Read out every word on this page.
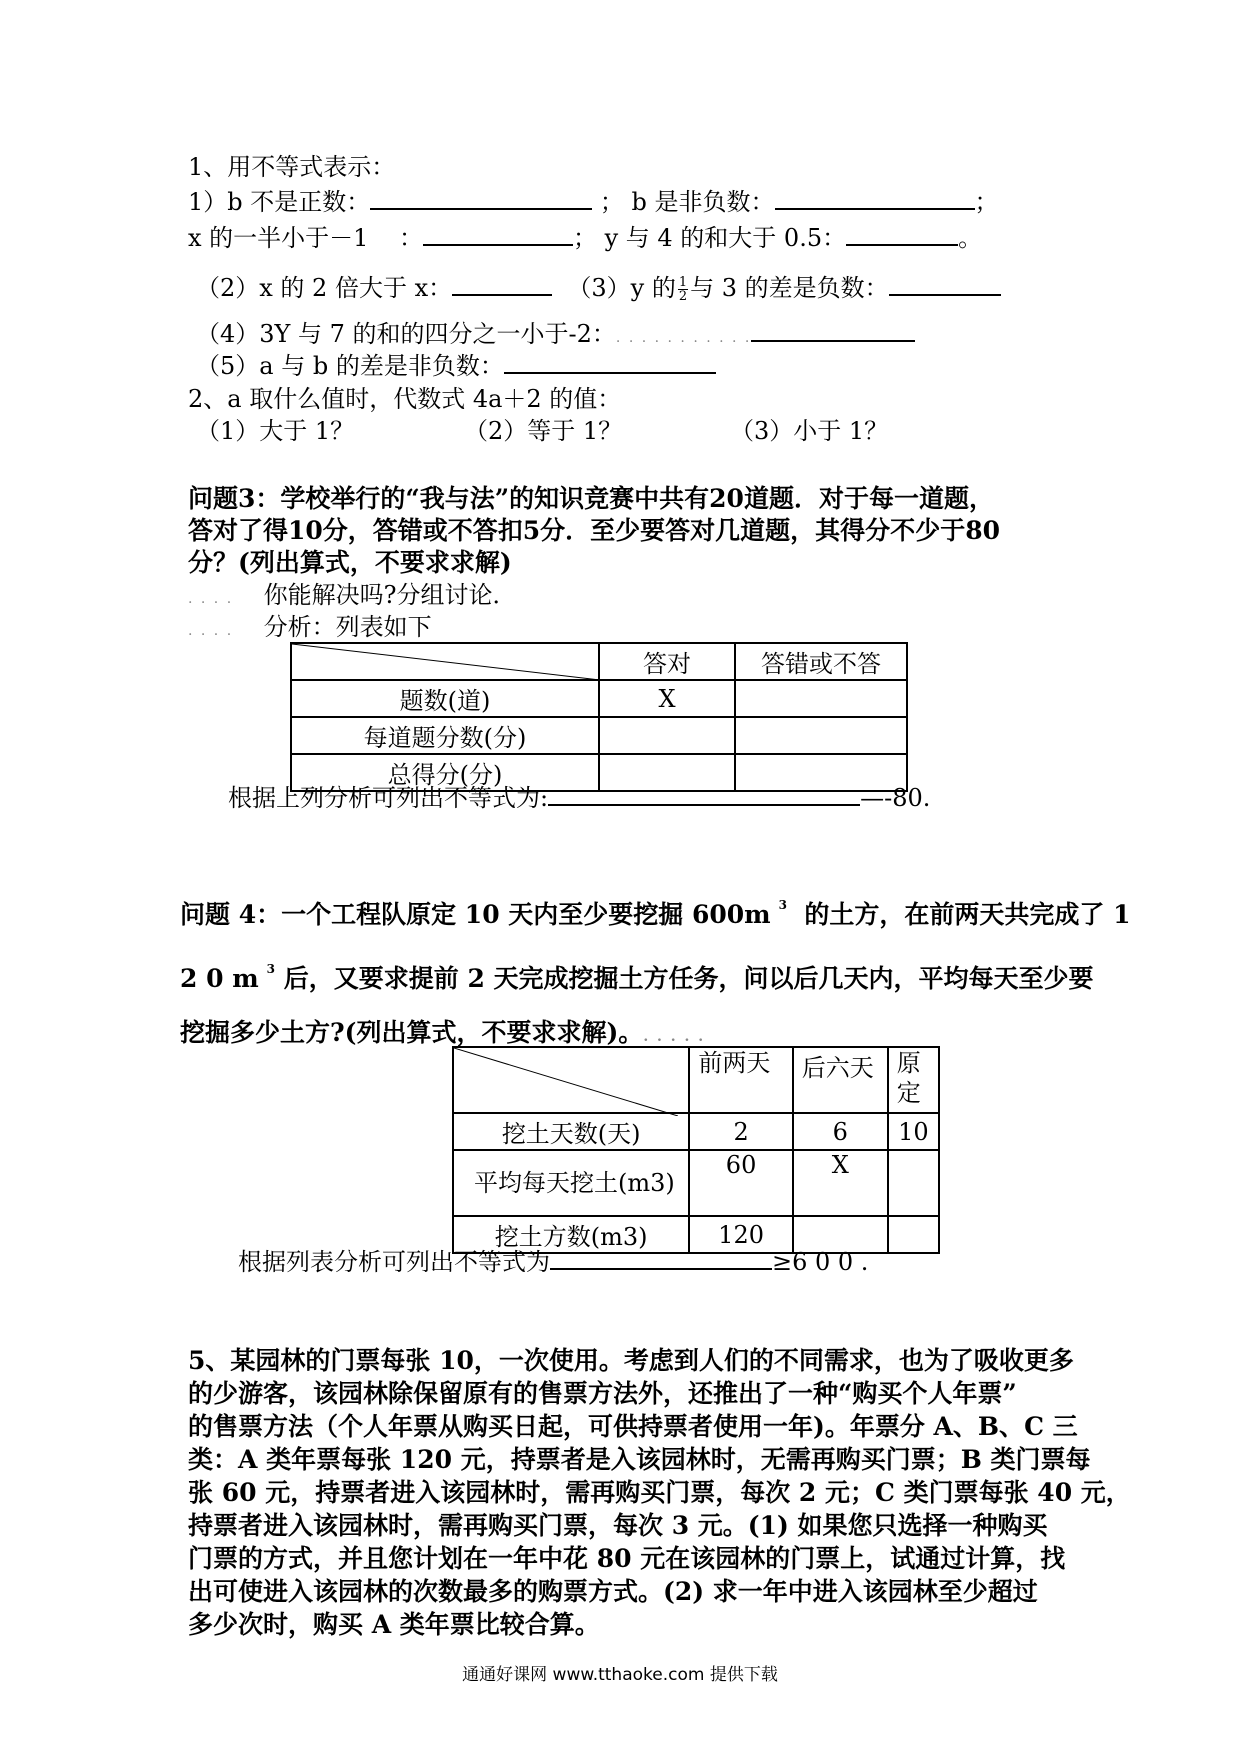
1、用不等式表示：
1）b 不是正数：	； b 是非负数：	；
x 的一半小于－1 ：	； y 与 4 的和大于 0.5：	。
（2）x 的 2 倍大于 x：	（3）y 的 $\frac{1}{2}$ 与 3 的差是负数：
（4）3Y 与 7 的和的四分之一小于-2：. . . . . . . . . . .
（5）a 与 b 的差是非负数：
2、a 取什么值时，代数式 4a＋2 的值：
（1）大于 1？	（2）等于 1？	（3）小于 1？
问题3：学校举行的“我与法”的知识竞赛中共有20道题．对于每一道题，
答对了得10分，答错或不答扣5分．至少要答对几道题，其得分不少于80
分？(列出算式，不要求求解)
. . . . 你能解决吗?分组讨论．
. . . . 分析：列表如下
	答对	答错或不答
题数(道)	X	
每道题分数(分)		
总得分(分)		
根据上列分析可列出不等式为:	—-80.
问题 4：一个工程队原定 10 天内至少要挖掘 600m $^3$ 的土方，在前两天共完成了 1
2 0 m $^3$ 后，又要求提前 2 天完成挖掘土方任务，问以后几天内，平均每天至少要
挖掘多少土方?(列出算式，不要求求解)。. . . . .
	前两天	后六天	原定
挖土天数(天)	2	6	10
平均每天挖土(m3)	60	X	
挖土方数(m3)	120		
根据列表分析可列出不等式为	≥6 0 0 .
5、某园林的门票每张 10，一次使用。考虑到人们的不同需求，也为了吸收更多
的少游客，该园林除保留原有的售票方法外，还推出了一种“购买个人年票”
的售票方法（个人年票从购买日起，可供持票者使用一年)。年票分 A、B、C 三
类：A 类年票每张 120 元，持票者是入该园林时，无需再购买门票；B 类门票每
张 60 元，持票者进入该园林时，需再购买门票，每次 2 元；C 类门票每张 40 元，
持票者进入该园林时，需再购买门票，每次 3 元。(1) 如果您只选择一种购买
门票的方式，并且您计划在一年中花 80 元在该园林的门票上，试通过计算，找
出可使进入该园林的次数最多的购票方式。(2) 求一年中进入该园林至少超过
多少次时，购买 A 类年票比较合算。
通通好课网 www.tthaoke.com 提供下载
